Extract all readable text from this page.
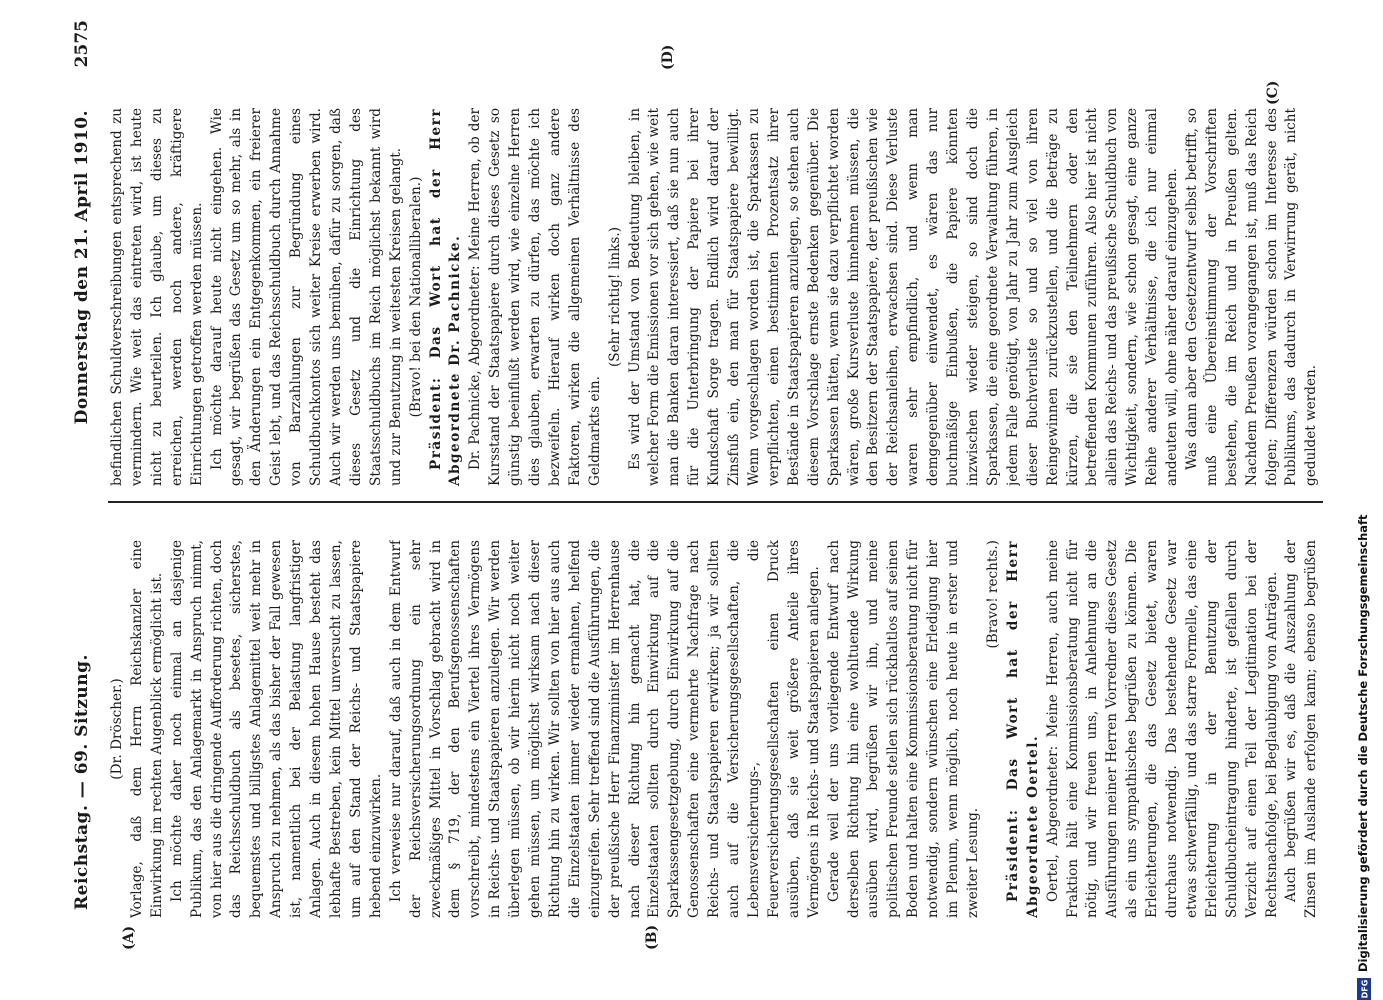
Reichstag. — 69. Sitzung.
Donnerstag den 21. April 1910.
2575
(A)	(B)
(C)
(D)

(Dr. Dröscher.) Vorlage, daß dem Herrn Reichskanzler eine Einwirkung im rechten Augenblick ermöglicht ist. Ich möchte daher noch einmal an dasjenige Publikum, das den Anlagemarkt in Anspruch nimmt, von hier aus die dringende Aufforderung richten, doch das Reichsschuldbuch als besetes, sicherstes, bequemstes und billigstes Anlagemittel weit mehr in Anspruch zu nehmen, als das bisher der Fall gewesen ist, namentlich bei der Belastung langfristiger Anlagen. Auch in diesem hohen Hause besteht das lebhafte Bestreben, kein Mittel unversucht zu lassen, um auf den Stand der Reichs- und Staatspapiere hebend einzuwirken. Ich verweise nur darauf, daß auch in dem Entwurf der Reichsversicherungsordnung ein sehr zweckmäßiges Mittel in Vorschlag gebracht wird in dem § 719, der den Berufsgenossenschaften vorschreibt, mindestens ein Viertel ihres Vermögens in Reichs- und Staatspapieren anzulegen. Wir werden überlegen müssen, ob wir hierin nicht noch weiter gehen müssen, um möglichst wirksam nach dieser Richtung hin zu wirken. Wir sollten von hier aus auch die Einzelstaaten immer wieder ermahnen, helfend einzugreifen. Sehr treffend sind die Ausführungen, die der preußische Herr Finanzminister im Herrenhause nach dieser Richtung hin gemacht hat, die Einzelstaaten sollten durch Einwirkung auf die Sparkassengesetzgebung, durch Einwirkung auf die Genossenschaften eine vermehrte Nachfrage nach Reichs- und Staatspapieren erwirken; ja wir sollten auch auf die Versicherungsgesellschaften, die Lebensversicherungs-, die Feuerversicherungsgesellschaften einen Druck ausüben, daß sie weit größere Anteile ihres Vermögens in Reichs- und Staatspapieren anlegen. Gerade weil der uns vorliegende Entwurf nach derselben Richtung hin eine wohltuende Wirkung ausüben wird, begrüßen wir ihn, und meine politischen Freunde stellen sich rückhaltlos auf seinen Boden und halten eine Kommissionsberatung nicht für notwendig, sondern wünschen eine Erledigung hier im Plenum, wenn möglich, noch heute in erster und zweiter Lesung.

(Bravo! rechts.) Präsident: Das Wort hat der Herr Abgeordnete Oertel. Oertel, Abgeordneter: Meine Herren, auch meine Fraktion hält eine Kommissionsberatung nicht für nötig, und wir freuen uns, in Anlehnung an die Ausführungen meiner Herren Vorredner dieses Gesetz als ein uns sympathisches begrüßen zu können. Die Erleichterungen, die das Gesetz bietet, waren durchaus notwendig. Das bestehende Gesetz war etwas schwerfällig, und das starre Formelle, das eine Erleichterung in der Benutzung der Schuldbucheintragung hinderte, ist gefallen durch Verzicht auf einen Teil der Legitimation bei der Rechtsnachfolge, bei Beglaubigung von Anträgen. Auch begrüßen wir es, daß die Auszahlung der Zinsen im Auslande erfolgen kann; ebenso begrüßen

befindlichen Schuldverschreibungen entsprechend zu vermindern. Wie weit das eintreten wird, ist heute nicht zu beurteilen. Ich glaube, um dieses zu erreichen, werden noch andere, kräftigere Einrichtungen getroffen werden müssen. Ich möchte darauf heute nicht eingehen. Wie gesagt, wir begrüßen das Gesetz um so mehr, als in den Änderungen ein Entgegenkommen, ein freierer Geist lebt, und das Reichsschuldbuch durch Annahme von Barzahlungen zur Begründung eines Schuldbuchkontos sich weiter Kreise erwerben wird. Auch wir werden uns bemühen, dafür zu sorgen, daß dieses Gesetz und die Einrichtung des Staatsschuldbuchs im Reich möglichst bekannt wird und zur Benutzung in weitesten Kreisen gelangt. (Bravo! bei den Nationalliberalen.) Präsident: Das Wort hat der Herr Abgeordnete Dr. Pachnicke. Dr. Pachnicke, Abgeordneter: Meine Herren, ob der Kursstand der Staatspapiere durch dieses Gesetz so günstig beeinflußt werden wird, wie einzelne Herren dies glauben, erwarten zu dürfen, das möchte ich bezweifeln. Hierauf wirken doch ganz andere Faktoren, wirken die allgemeinen Verhältnisse des Geldmarkts ein.

(Sehr richtig! links.) Es wird der Umstand von Bedeutung bleiben, in welcher Form die Emissionen vor sich gehen, wie weit man die Banken daran interessiert, daß sie nun auch für die Unterbringung der Papiere bei ihrer Kundschaft Sorge tragen. Endlich wird darauf der Zinsfuß ein, den man für Staatspapiere bewilligt. Wenn vorgeschlagen worden ist, die Sparkassen zu verpflichten, einen bestimmten Prozentsatz ihrer Bestände in Staatspapieren anzulegen, so stehen auch diesem Vorschlage ernste Bedenken gegenüber. Die Sparkassen hätten, wenn sie dazu verpflichtet worden wären, große Kursverluste hinnehmen müssen, die den Besitzern der Staatspapiere, der preußischen wie der Reichsanleihen, erwachsen sind. Diese Verluste waren sehr empfindlich, und wenn man demgegenüber einwendet, es wären das nur buchmäßige Einbußen, die Papiere könnten inzwischen wieder steigen, so sind doch die Sparkassen, die eine geordnete Verwaltung führen, in jedem Falle genötigt, von Jahr zu Jahr zum Ausgleich dieser Buchverluste so und so viel von ihren Reingewinnen zurückzustellen, und die Beträge zu kürzen, die sie den Teilnehmern oder den betreffenden Kommunen zuführen. Also hier ist nicht allein das Reichs- und das preußische Schuldbuch von Wichtigkeit, sondern, wie schon gesagt, eine ganze Reihe anderer Verhältnisse, die ich nur einmal andeuten will, ohne näher darauf einzugehen. Was dann aber den Gesetzentwurf selbst betrifft, so muß eine Übereinstimmung der Vorschriften bestehen, die im Reich und in Preußen gelten. Nachdem Preußen vorangegangen ist, muß das Reich folgen; Differenzen würden schon im Interesse des Publikums, das dadurch in Verwirrung gerät, nicht geduldet werden.

DFG
Digitalisierung gefördert durch die Deutsche Forschungsgemeinschaft
